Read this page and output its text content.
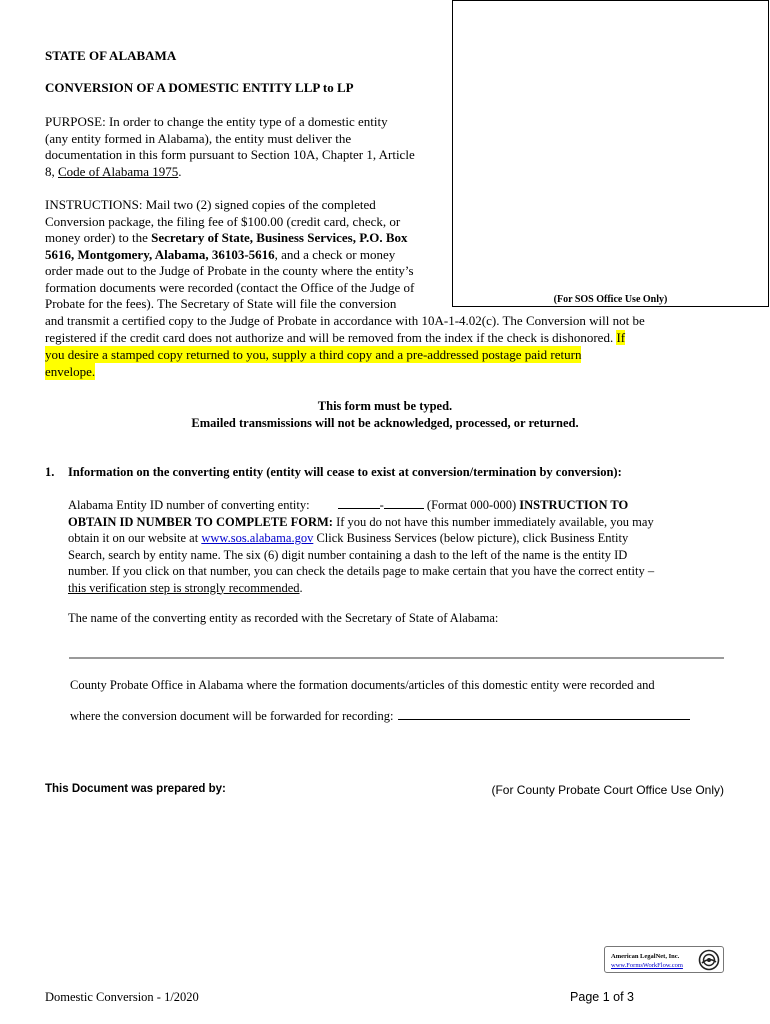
(For SOS Office Use Only)
STATE OF ALABAMA
CONVERSION OF A DOMESTIC ENTITY LLP to LP
PURPOSE: In order to change the entity type of a domestic entity
(any entity formed in Alabama), the entity must deliver the
documentation in this form pursuant to Section 10A, Chapter 1, Article
8, Code of Alabama 1975.
INSTRUCTIONS: Mail two (2) signed copies of the completed
Conversion package, the filing fee of $100.00 (credit card, check, or
money order) to the Secretary of State, Business Services, P.O. Box
5616, Montgomery, Alabama, 36103-5616, and a check or money
order made out to the Judge of Probate in the county where the entity’s
formation documents were recorded (contact the Office of the Judge of
Probate for the fees). The Secretary of State will file the conversion
and transmit a certified copy to the Judge of Probate in accordance with 10A-1-4.02(c). The Conversion will not be
registered if the credit card does not authorize and will be removed from the index if the check is dishonored. If
you desire a stamped copy returned to you, supply a third copy and a pre-addressed postage paid return
envelope.
This form must be typed.
Emailed transmissions will not be acknowledged, processed, or returned.
1. Information on the converting entity (entity will cease to exist at conversion/termination by conversion):
Alabama Entity ID number of converting entity:	-	(Format 000-000) INSTRUCTION TO
OBTAIN ID NUMBER TO COMPLETE FORM: If you do not have this number immediately available, you may
obtain it on our website at www.sos.alabama.gov Click Business Services (below picture), click Business Entity
Search, search by entity name. The six (6) digit number containing a dash to the left of the name is the entity ID
number. If you click on that number, you can check the details page to make certain that you have the correct entity –
this verification step is strongly recommended.
The name of the converting entity as recorded with the Secretary of State of Alabama:
County Probate Office in Alabama where the formation documents/articles of this domestic entity were recorded and
where the conversion document will be forwarded for recording:
This Document was prepared by:	(For County Probate Court Office Use Only)
American LegalNet, Inc.
www.FormsWorkFlow.com
Domestic Conversion - 1/2020	Page 1 of 3
